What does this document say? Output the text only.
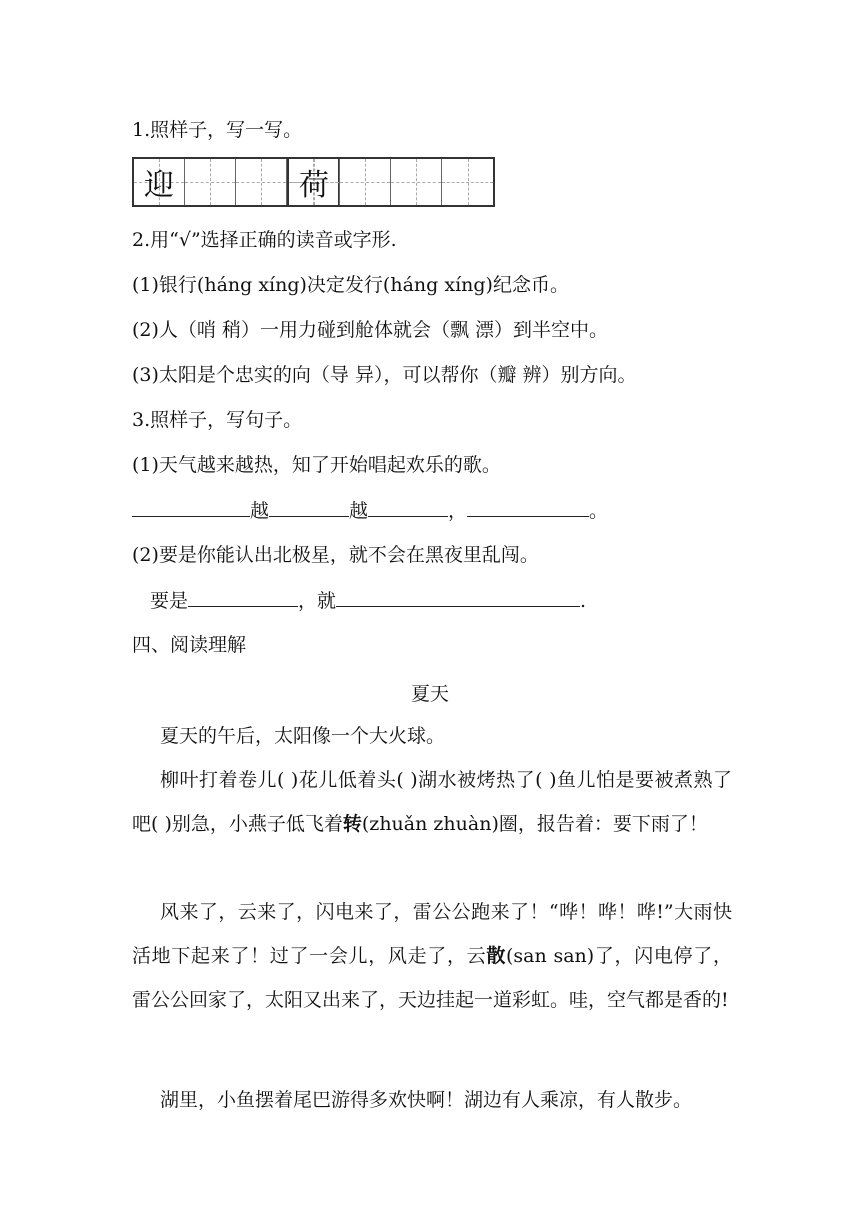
1.照样子，写一写。
迎	荷
2.用“√”选择正确的读音或字形.
(1)银行(háng xíng)决定发行(háng xíng)纪念币。
(2)人（哨 稍）一用力碰到舱体就会（飘 漂）到半空中。
(3)太阳是个忠实的向（导 异），可以帮你（瓣 辨）别方向。
3.照样子，写句子。
(1)天气越来越热，知了开始唱起欢乐的歌。
越	越	，	。
(2)要是你能认出北极星，就不会在黑夜里乱闯。
要是	，就	.
四、阅读理解
夏天
夏天的午后，太阳像一个大火球。
柳叶打着卷儿( )花儿低着头( )湖水被烤热了( )鱼儿怕是要被煮熟了吧( )别急，小燕子低飞着转(zhuǎn zhuàn)圈，报告着：要下雨了！
风来了，云来了，闪电来了，雷公公跑来了！“哗！哗！哗!”大雨快活地下起来了！过了一会儿，风走了，云散(san san)了，闪电停了，雷公公回家了，太阳又出来了，天边挂起一道彩虹。哇，空气都是香的!
湖里，小鱼摆着尾巴游得多欢快啊！湖边有人乘凉，有人散步。
